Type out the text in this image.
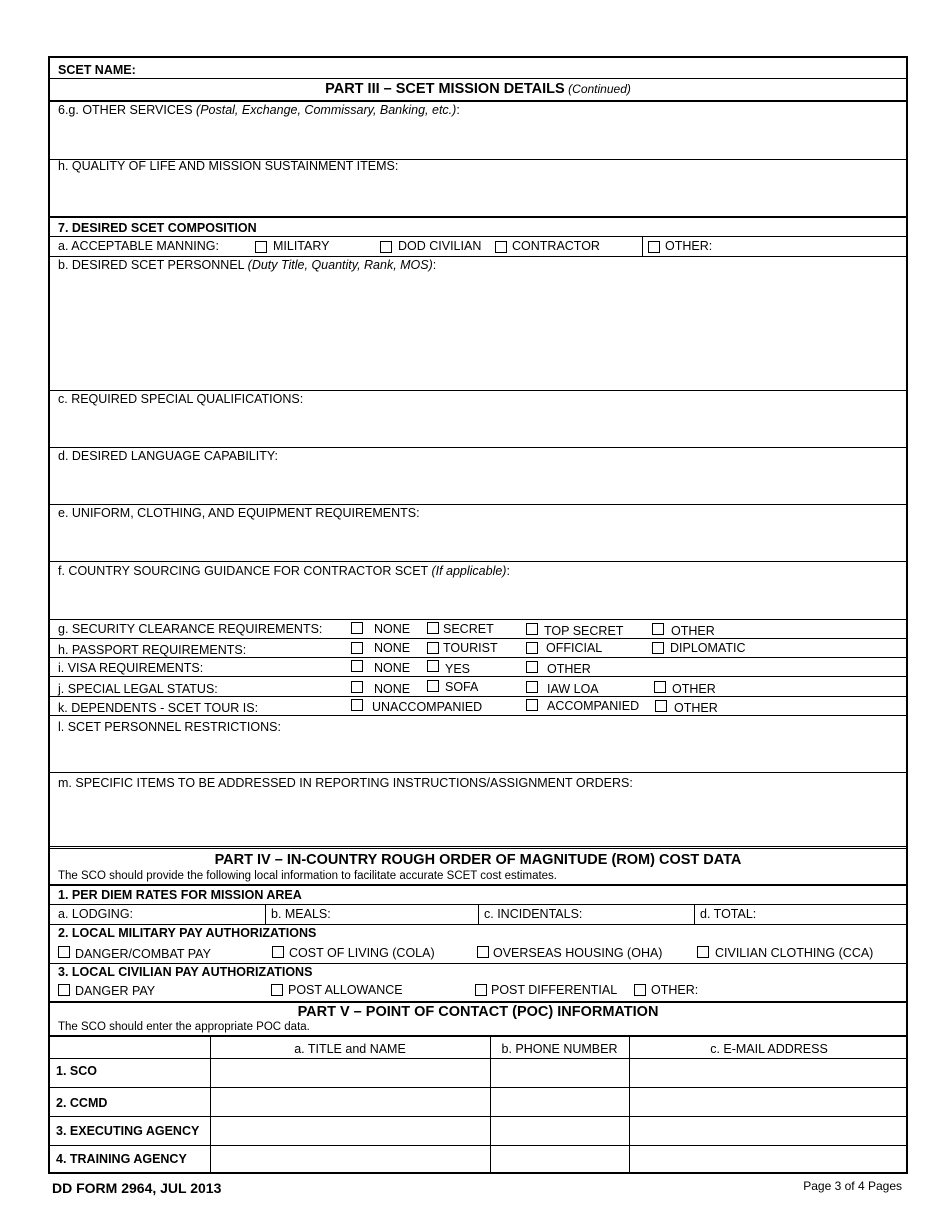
SCET NAME:
PART III – SCET MISSION DETAILS (Continued)
6.g. OTHER SERVICES (Postal, Exchange, Commissary, Banking, etc.):
h. QUALITY OF LIFE AND MISSION SUSTAINMENT ITEMS:
7. DESIRED SCET COMPOSITION
a. ACCEPTABLE MANNING:	MILITARY	DOD CIVILIAN CONTRACTOR	OTHER:
b. DESIRED SCET PERSONNEL (Duty Title, Quantity, Rank, MOS):
c. REQUIRED SPECIAL QUALIFICATIONS:
d. DESIRED LANGUAGE CAPABILITY:
e. UNIFORM, CLOTHING, AND EQUIPMENT REQUIREMENTS:
f. COUNTRY SOURCING GUIDANCE FOR CONTRACTOR SCET (If applicable):
g. SECURITY CLEARANCE REQUIREMENTS:	NONE	SECRET	TOP SECRET	OTHER
h. PASSPORT REQUIREMENTS:	NONE	TOURIST	OFFICIAL	DIPLOMATIC
i. VISA REQUIREMENTS:	NONE	YES	OTHER
j. SPECIAL LEGAL STATUS:	NONE	SOFA	IAW LOA	OTHER
k. DEPENDENTS - SCET TOUR IS:	UNACCOMPANIED	ACCOMPANIED	OTHER
l. SCET PERSONNEL RESTRICTIONS:
m. SPECIFIC ITEMS TO BE ADDRESSED IN REPORTING INSTRUCTIONS/ASSIGNMENT ORDERS:
PART IV – IN-COUNTRY ROUGH ORDER OF MAGNITUDE (ROM) COST DATA
The SCO should provide the following local information to facilitate accurate SCET cost estimates.
1. PER DIEM RATES FOR MISSION AREA
a. LODGING:	b. MEALS:	c. INCIDENTALS:	d. TOTAL:
2. LOCAL MILITARY PAY AUTHORIZATIONS
DANGER/COMBAT PAY	COST OF LIVING (COLA)	OVERSEAS HOUSING (OHA)	CIVILIAN CLOTHING (CCA)
3. LOCAL CIVILIAN PAY AUTHORIZATIONS
DANGER PAY	POST ALLOWANCE	POST DIFFERENTIAL	OTHER:
PART V – POINT OF CONTACT (POC) INFORMATION
The SCO should enter the appropriate POC data.
a. TITLE and NAME	b. PHONE NUMBER	c. E-MAIL ADDRESS
1. SCO
2. CCMD
3. EXECUTING AGENCY
4. TRAINING AGENCY
DD FORM 2964, JUL 2013	Page 3 of 4 Pages
